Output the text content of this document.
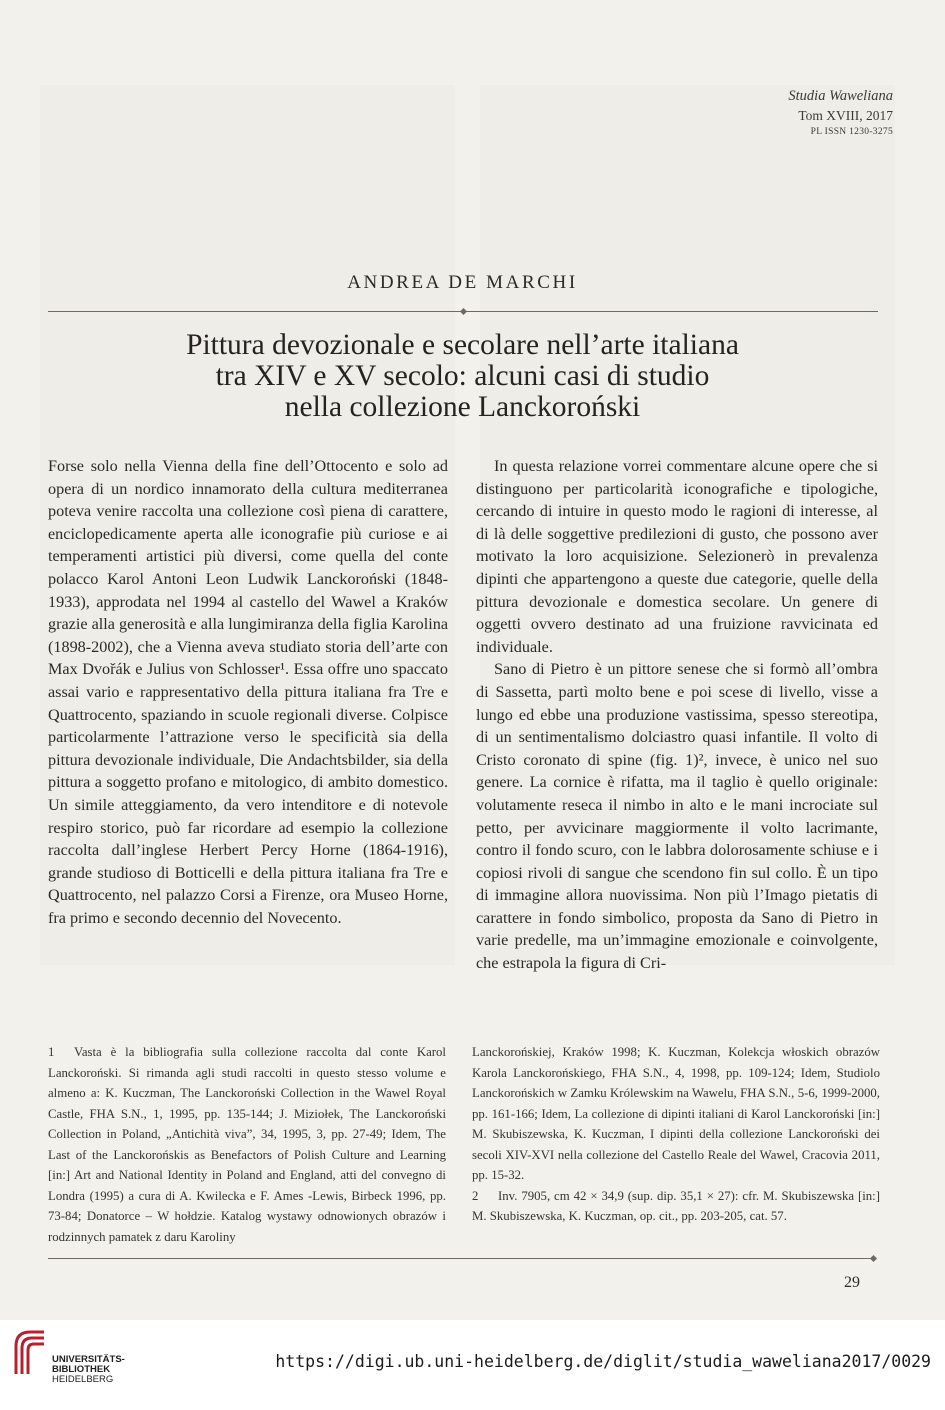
Studia Waweliana
Tom XVIII, 2017
PL ISSN 1230-3275
ANDREA DE MARCHI
Pittura devozionale e secolare nell’arte italiana
tra XIV e XV secolo: alcuni casi di studio
nella collezione Lanckoroński

Forse solo nella Vienna della fine dell’Ottocento e solo ad opera di un nordico innamorato della cultura mediterranea poteva venire raccolta una collezione così piena di carattere, enciclopedicamente aperta alle iconografie più curiose e ai temperamenti artistici più diversi, come quella del conte polacco Karol Antoni Leon Ludwik Lanckoroński (1848-1933), approdata nel 1994 al castello del Wawel a Kraków grazie alla generosità e alla lungimiranza della figlia Karolina (1898-2002), che a Vienna aveva studiato storia dell’arte con Max Dvořák e Julius von Schlosser¹. Essa offre uno spaccato assai vario e rappresentativo della pittura italiana fra Tre e Quattrocento, spaziando in scuole regionali diverse. Colpisce particolarmente l’attrazione verso le specificità sia della pittura devozionale individuale, Die Andachtsbilder, sia della pittura a soggetto profano e mitologico, di ambito domestico. Un simile atteggiamento, da vero intenditore e di notevole respiro storico, può far ricordare ad esempio la collezione raccolta dall’inglese Herbert Percy Horne (1864-1916), grande studioso di Botticelli e della pittura italiana fra Tre e Quattrocento, nel palazzo Corsi a Firenze, ora Museo Horne, fra primo e secondo decennio del Novecento.

In questa relazione vorrei commentare alcune opere che si distinguono per particolarità iconografiche e tipologiche, cercando di intuire in questo modo le ragioni di interesse, al di là delle soggettive predilezioni di gusto, che possono aver motivato la loro acquisizione. Selezionerò in prevalenza dipinti che appartengono a queste due categorie, quelle della pittura devozionale e domestica secolare. Un genere di oggetti ovvero destinato ad una fruizione ravvicinata ed individuale.

Sano di Pietro è un pittore senese che si formò all’ombra di Sassetta, partì molto bene e poi scese di livello, visse a lungo ed ebbe una produzione vastissima, spesso stereotipa, di un sentimentalismo dolciastro quasi infantile. Il volto di Cristo coronato di spine (fig. 1)², invece, è unico nel suo genere. La cornice è rifatta, ma il taglio è quello originale: volutamente reseca il nimbo in alto e le mani incrociate sul petto, per avvicinare maggiormente il volto lacrimante, contro il fondo scuro, con le labbra dolorosamente schiuse e i copiosi rivoli di sangue che scendono fin sul collo. È un tipo di immagine allora nuovissima. Non più l’Imago pietatis di carattere in fondo simbolico, proposta da Sano di Pietro in varie predelle, ma un’immagine emozionale e coinvolgente, che estrapola la figura di Cri-

1 Vasta è la bibliografia sulla collezione raccolta dal conte Karol Lanckoroński. Si rimanda agli studi raccolti in questo stesso volume e almeno a: K. Kuczman, The Lanckoroński Collection in the Wawel Royal Castle, FHA S.N., 1, 1995, pp. 135-144; J. Miziołek, The Lanckoroński Collection in Poland, „Antichità viva”, 34, 1995, 3, pp. 27-49; Idem, The Last of the Lanckorońskis as Benefactors of Polish Culture and Learning [in:] Art and National Identity in Poland and England, atti del convegno di Londra (1995) a cura di A. Kwilecka e F. Ames -Lewis, Birbeck 1996, pp. 73-84; Donatorce – W hołdzie. Katalog wystawy odnowionych obrazów i rodzinnych pamatek z daru Karoliny

Lanckorońskiej, Kraków 1998; K. Kuczman, Kolekcja włoskich obrazów Karola Lanckorońskiego, FHA S.N., 4, 1998, pp. 109-124; Idem, Studiolo Lanckorońskich w Zamku Królewskim na Wawelu, FHA S.N., 5-6, 1999-2000, pp. 161-166; Idem, La collezione di dipinti italiani di Karol Lanckoroński [in:] M. Skubiszewska, K. Kuczman, I dipinti della collezione Lanckoroński dei secoli XIV-XVI nella collezione del Castello Reale del Wawel, Cracovia 2011, pp. 15-32.

2 Inv. 7905, cm 42 × 34,9 (sup. dip. 35,1 × 27): cfr. M. Skubiszewska [in:] M. Skubiszewska, K. Kuczman, op. cit., pp. 203-205, cat. 57.

29
UNIVERSITÄTS-
BIBLIOTHEK
HEIDELBERG
https://digi.ub.uni-heidelberg.de/diglit/studia_waweliana2017/0029
